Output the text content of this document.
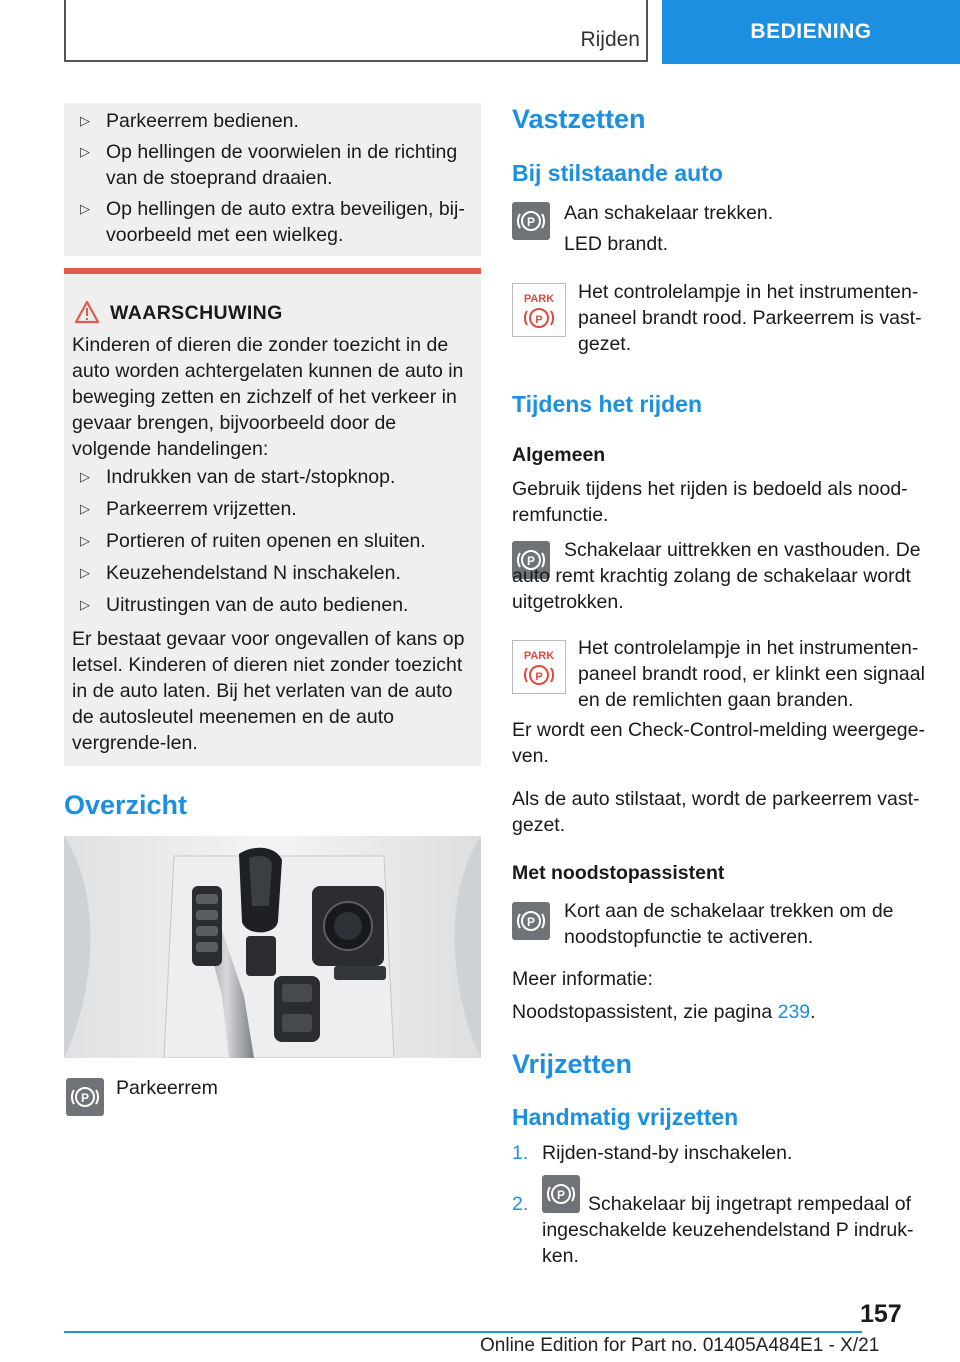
Rijden	BEDIENING
▷ Parkeerrem bedienen.
▷ Op hellingen de voorwielen in de richting van de stoeprand draaien.
▷ Op hellingen de auto extra beveiligen, bij-voorbeeld met een wielkeg.
WAARSCHUWING
Kinderen of dieren die zonder toezicht in de auto worden achtergelaten kunnen de auto in beweging zetten en zichzelf of het verkeer in gevaar brengen, bijvoorbeeld door de volgende handelingen:
▷ Indrukken van de start-/stopknop.
▷ Parkeerrem vrijzetten.
▷ Portieren of ruiten openen en sluiten.
▷ Keuzehendelstand N inschakelen.
▷ Uitrustingen van de auto bedienen.
Er bestaat gevaar voor ongevallen of kans op letsel. Kinderen of dieren niet zonder toezicht in de auto laten. Bij het verlaten van de auto de autosleutel meenemen en de auto vergrende-len.
Overzicht
P Parkeerrem
Vastzetten
Bij stilstaande auto
P Aan schakelaar trekken.
LED brandt.
PARK
P
Het controlelampje in het instrumenten-paneel brandt rood. Parkeerrem is vast-gezet.
Tijdens het rijden
Algemeen
Gebruik tijdens het rijden is bedoeld als nood-remfunctie.
P	Schakelaar uittrekken en vasthouden. De auto remt krachtig zolang de schakelaar wordt uitgetrokken.
PARK
P
Het controlelampje in het instrumenten-paneel brandt rood, er klinkt een signaal en de remlichten gaan branden.
Er wordt een Check-Control-melding weergege-ven.
Als de auto stilstaat, wordt de parkeerrem vast-gezet.
Met noodstopassistent
P Kort aan de schakelaar trekken om de noodstopfunctie te activeren.
Meer informatie:
Noodstopassistent, zie pagina 239.
Vrijzetten
Handmatig vrijzetten
1. Rijden-stand-by inschakelen.
2. P	Schakelaar bij ingetrapt rempedaal of ingeschakelde keuzehendelstand P indruk-ken.
157
Online Edition for Part no. 01405A484E1 - X/21
